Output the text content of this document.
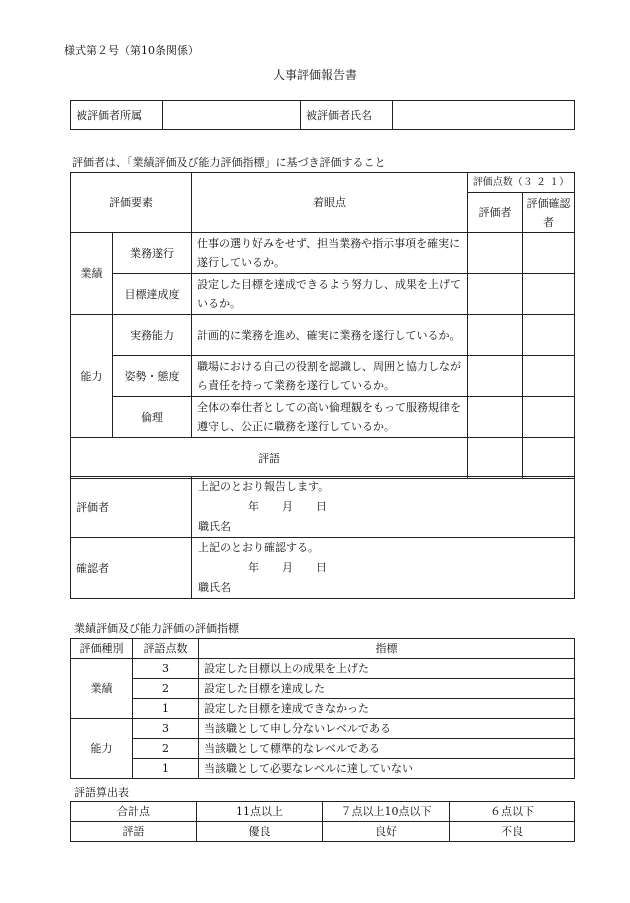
様式第２号（第10条関係）
人事評価報告書
被評価者所属		被評価者氏名	
評価者は、「業績評価及び能力評価指標」に基づき評価すること
評価要素		着眼点	評価点数（３ ２ １）	
			評価者	評価確認者
業績	業務遂行	仕事の選り好みをせず、担当業務や指示事項を確実に遂行しているか。		
	目標達成度	設定した目標を達成できるよう努力し、成果を上げているか。		
能力	実務能力	計画的に業務を進め、確実に業務を遂行しているか。		
	姿勢・態度	職場における自己の役割を認識し、周囲と協力しながら責任を持って業務を遂行しているか。		
	倫理	全体の奉仕者としての高い倫理観をもって服務規律を遵守し、公正に職務を遂行しているか。		
評語				
評価者	上記のとおり報告します。
年 月 日
職氏名

確認者	上記のとおり確認する。
年 月 日
職氏名
業績評価及び能力評価の評価指標
評価種別	評語点数	指標
業績	3	設定した目標以上の成果を上げた
	2	設定した目標を達成した
	1	設定した目標を達成できなかった
能力	3	当該職として申し分ないレベルである
	2	当該職として標準的なレベルである
	1	当該職として必要なレベルに達していない
評語算出表
合計点	11点以上	７点以上10点以下	６点以下
評語	優良	良好	不良
